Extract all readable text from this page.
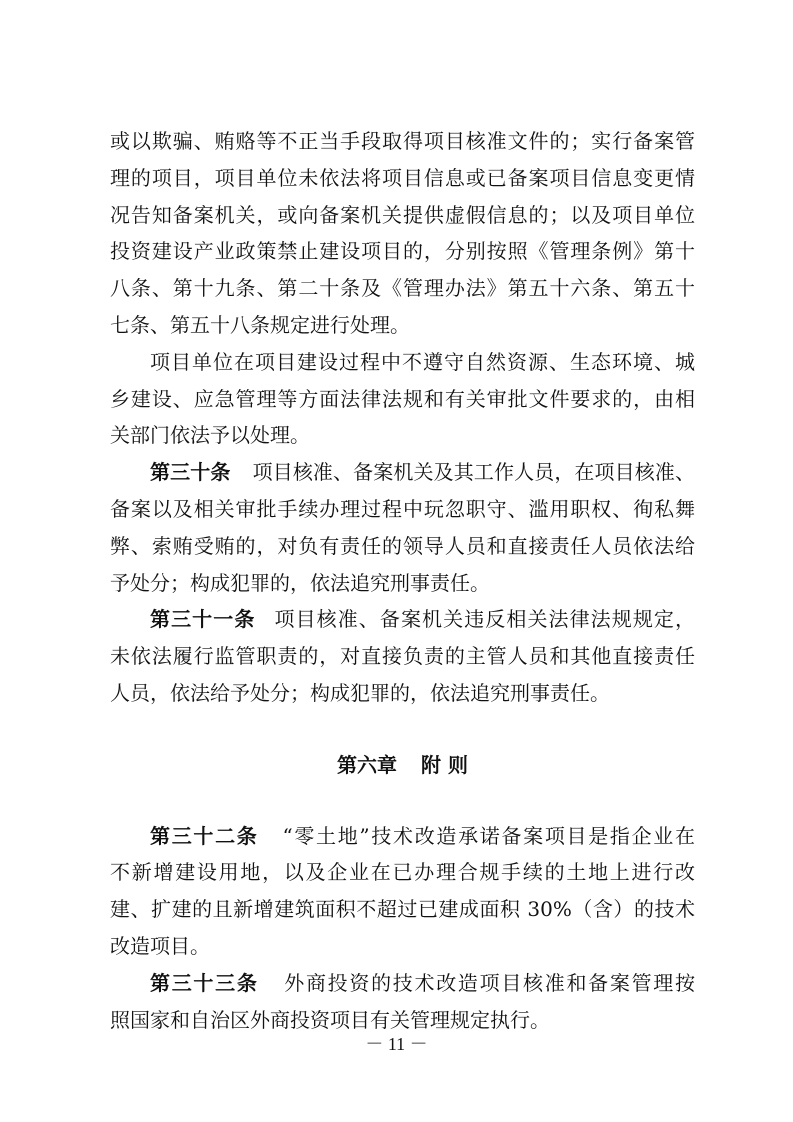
或以欺骗、贿赂等不正当手段取得项目核准文件的；实行备案管
理的项目，项目单位未依法将项目信息或已备案项目信息变更情
况告知备案机关，或向备案机关提供虚假信息的；以及项目单位
投资建设产业政策禁止建设项目的，分别按照《管理条例》第十
八条、第十九条、第二十条及《管理办法》第五十六条、第五十
七条、第五十八条规定进行处理。
项目单位在项目建设过程中不遵守自然资源、生态环境、城
乡建设、应急管理等方面法律法规和有关审批文件要求的，由相
关部门依法予以处理。
第三十条 项目核准、备案机关及其工作人员，在项目核准、
备案以及相关审批手续办理过程中玩忽职守、滥用职权、徇私舞
弊、索贿受贿的，对负有责任的领导人员和直接责任人员依法给
予处分；构成犯罪的，依法追究刑事责任。
第三十一条 项目核准、备案机关违反相关法律法规规定，
未依法履行监管职责的，对直接负责的主管人员和其他直接责任
人员，依法给予处分；构成犯罪的，依法追究刑事责任。
第六章 附 则
第三十二条 “零土地”技术改造承诺备案项目是指企业在
不新增建设用地，以及企业在已办理合规手续的土地上进行改
建、扩建的且新增建筑面积不超过已建成面积 30%（含）的技术
改造项目。
第三十三条 外商投资的技术改造项目核准和备案管理按
照国家和自治区外商投资项目有关管理规定执行。
－ 11 －
